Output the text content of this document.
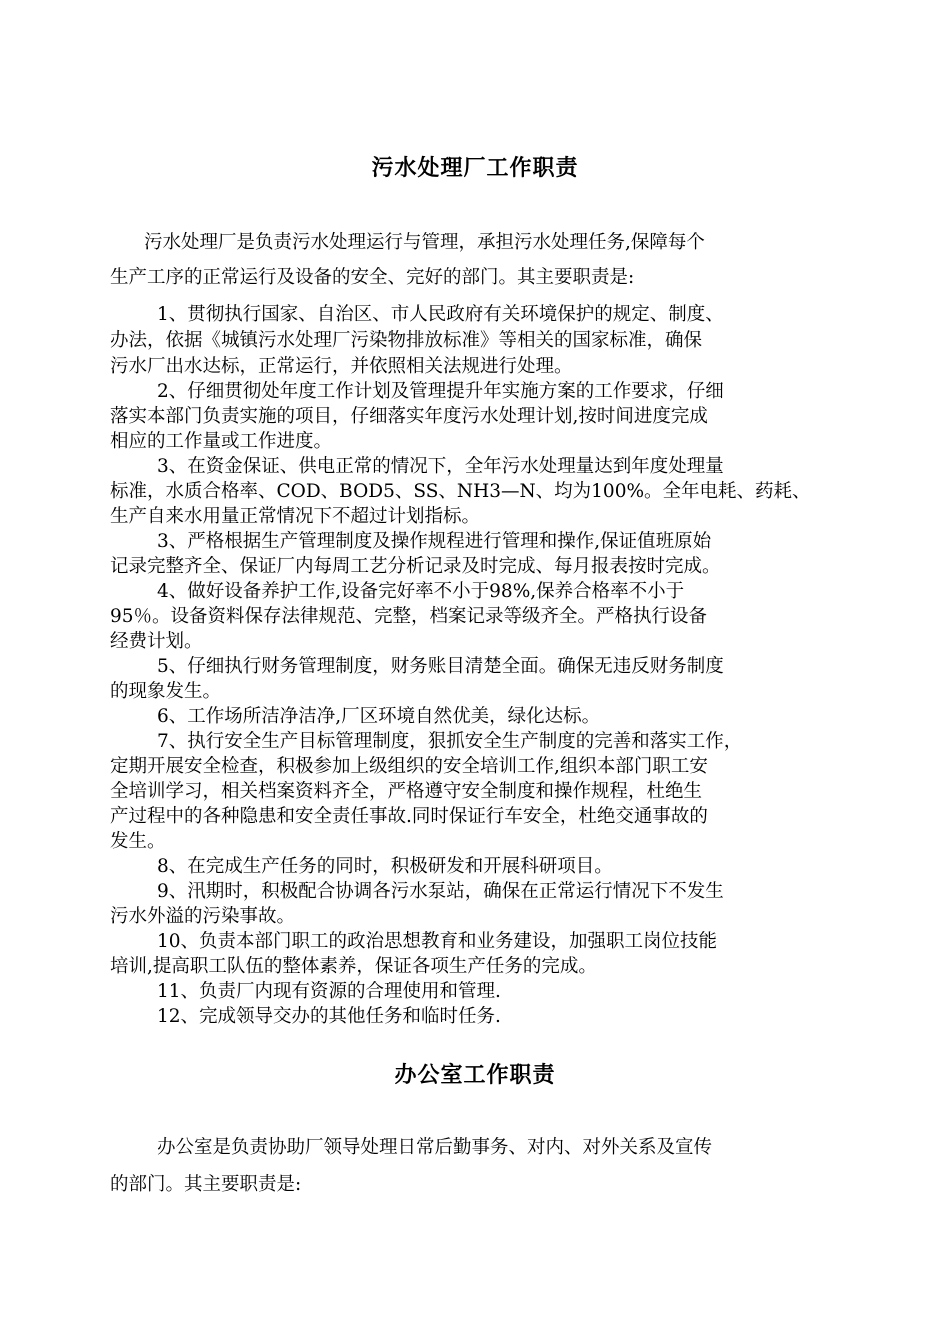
污水处理厂工作职责
污水处理厂是负责污水处理运行与管理，承担污水处理任务,保障每个
生产工序的正常运行及设备的安全、完好的部门。其主要职责是:
1、贯彻执行国家、自治区、市人民政府有关环境保护的规定、制度、
办法，依据《城镇污水处理厂污染物排放标准》等相关的国家标准，确保
污水厂出水达标，正常运行，并依照相关法规进行处理。
2、仔细贯彻处年度工作计划及管理提升年实施方案的工作要求，仔细
落实本部门负责实施的项目，仔细落实年度污水处理计划,按时间进度完成
相应的工作量或工作进度。
3、在资金保证、供电正常的情况下，全年污水处理量达到年度处理量
标准，水质合格率、COD、BOD5、SS、NH3—N、均为100%。全年电耗、药耗、
生产自来水用量正常情况下不超过计划指标。
3、严格根据生产管理制度及操作规程进行管理和操作,保证值班原始
记录完整齐全、保证厂内每周工艺分析记录及时完成、每月报表按时完成。
4、做好设备养护工作,设备完好率不小于98%,保养合格率不小于
95％。设备资料保存法律规范、完整，档案记录等级齐全。严格执行设备
经费计划。
5、仔细执行财务管理制度，财务账目清楚全面。确保无违反财务制度
的现象发生。
6、工作场所洁净洁净,厂区环境自然优美，绿化达标。
7、执行安全生产目标管理制度，狠抓安全生产制度的完善和落实工作，
定期开展安全检查，积极参加上级组织的安全培训工作,组织本部门职工安
全培训学习，相关档案资料齐全，严格遵守安全制度和操作规程，杜绝生
产过程中的各种隐患和安全责任事故.同时保证行车安全，杜绝交通事故的
发生。
8、在完成生产任务的同时，积极研发和开展科研项目。
9、汛期时，积极配合协调各污水泵站，确保在正常运行情况下不发生
污水外溢的污染事故。
10、负责本部门职工的政治思想教育和业务建设，加强职工岗位技能
培训,提高职工队伍的整体素养，保证各项生产任务的完成。
11、负责厂内现有资源的合理使用和管理.
12、完成领导交办的其他任务和临时任务.
办公室工作职责
办公室是负责协助厂领导处理日常后勤事务、对内、对外关系及宣传
的部门。其主要职责是:
